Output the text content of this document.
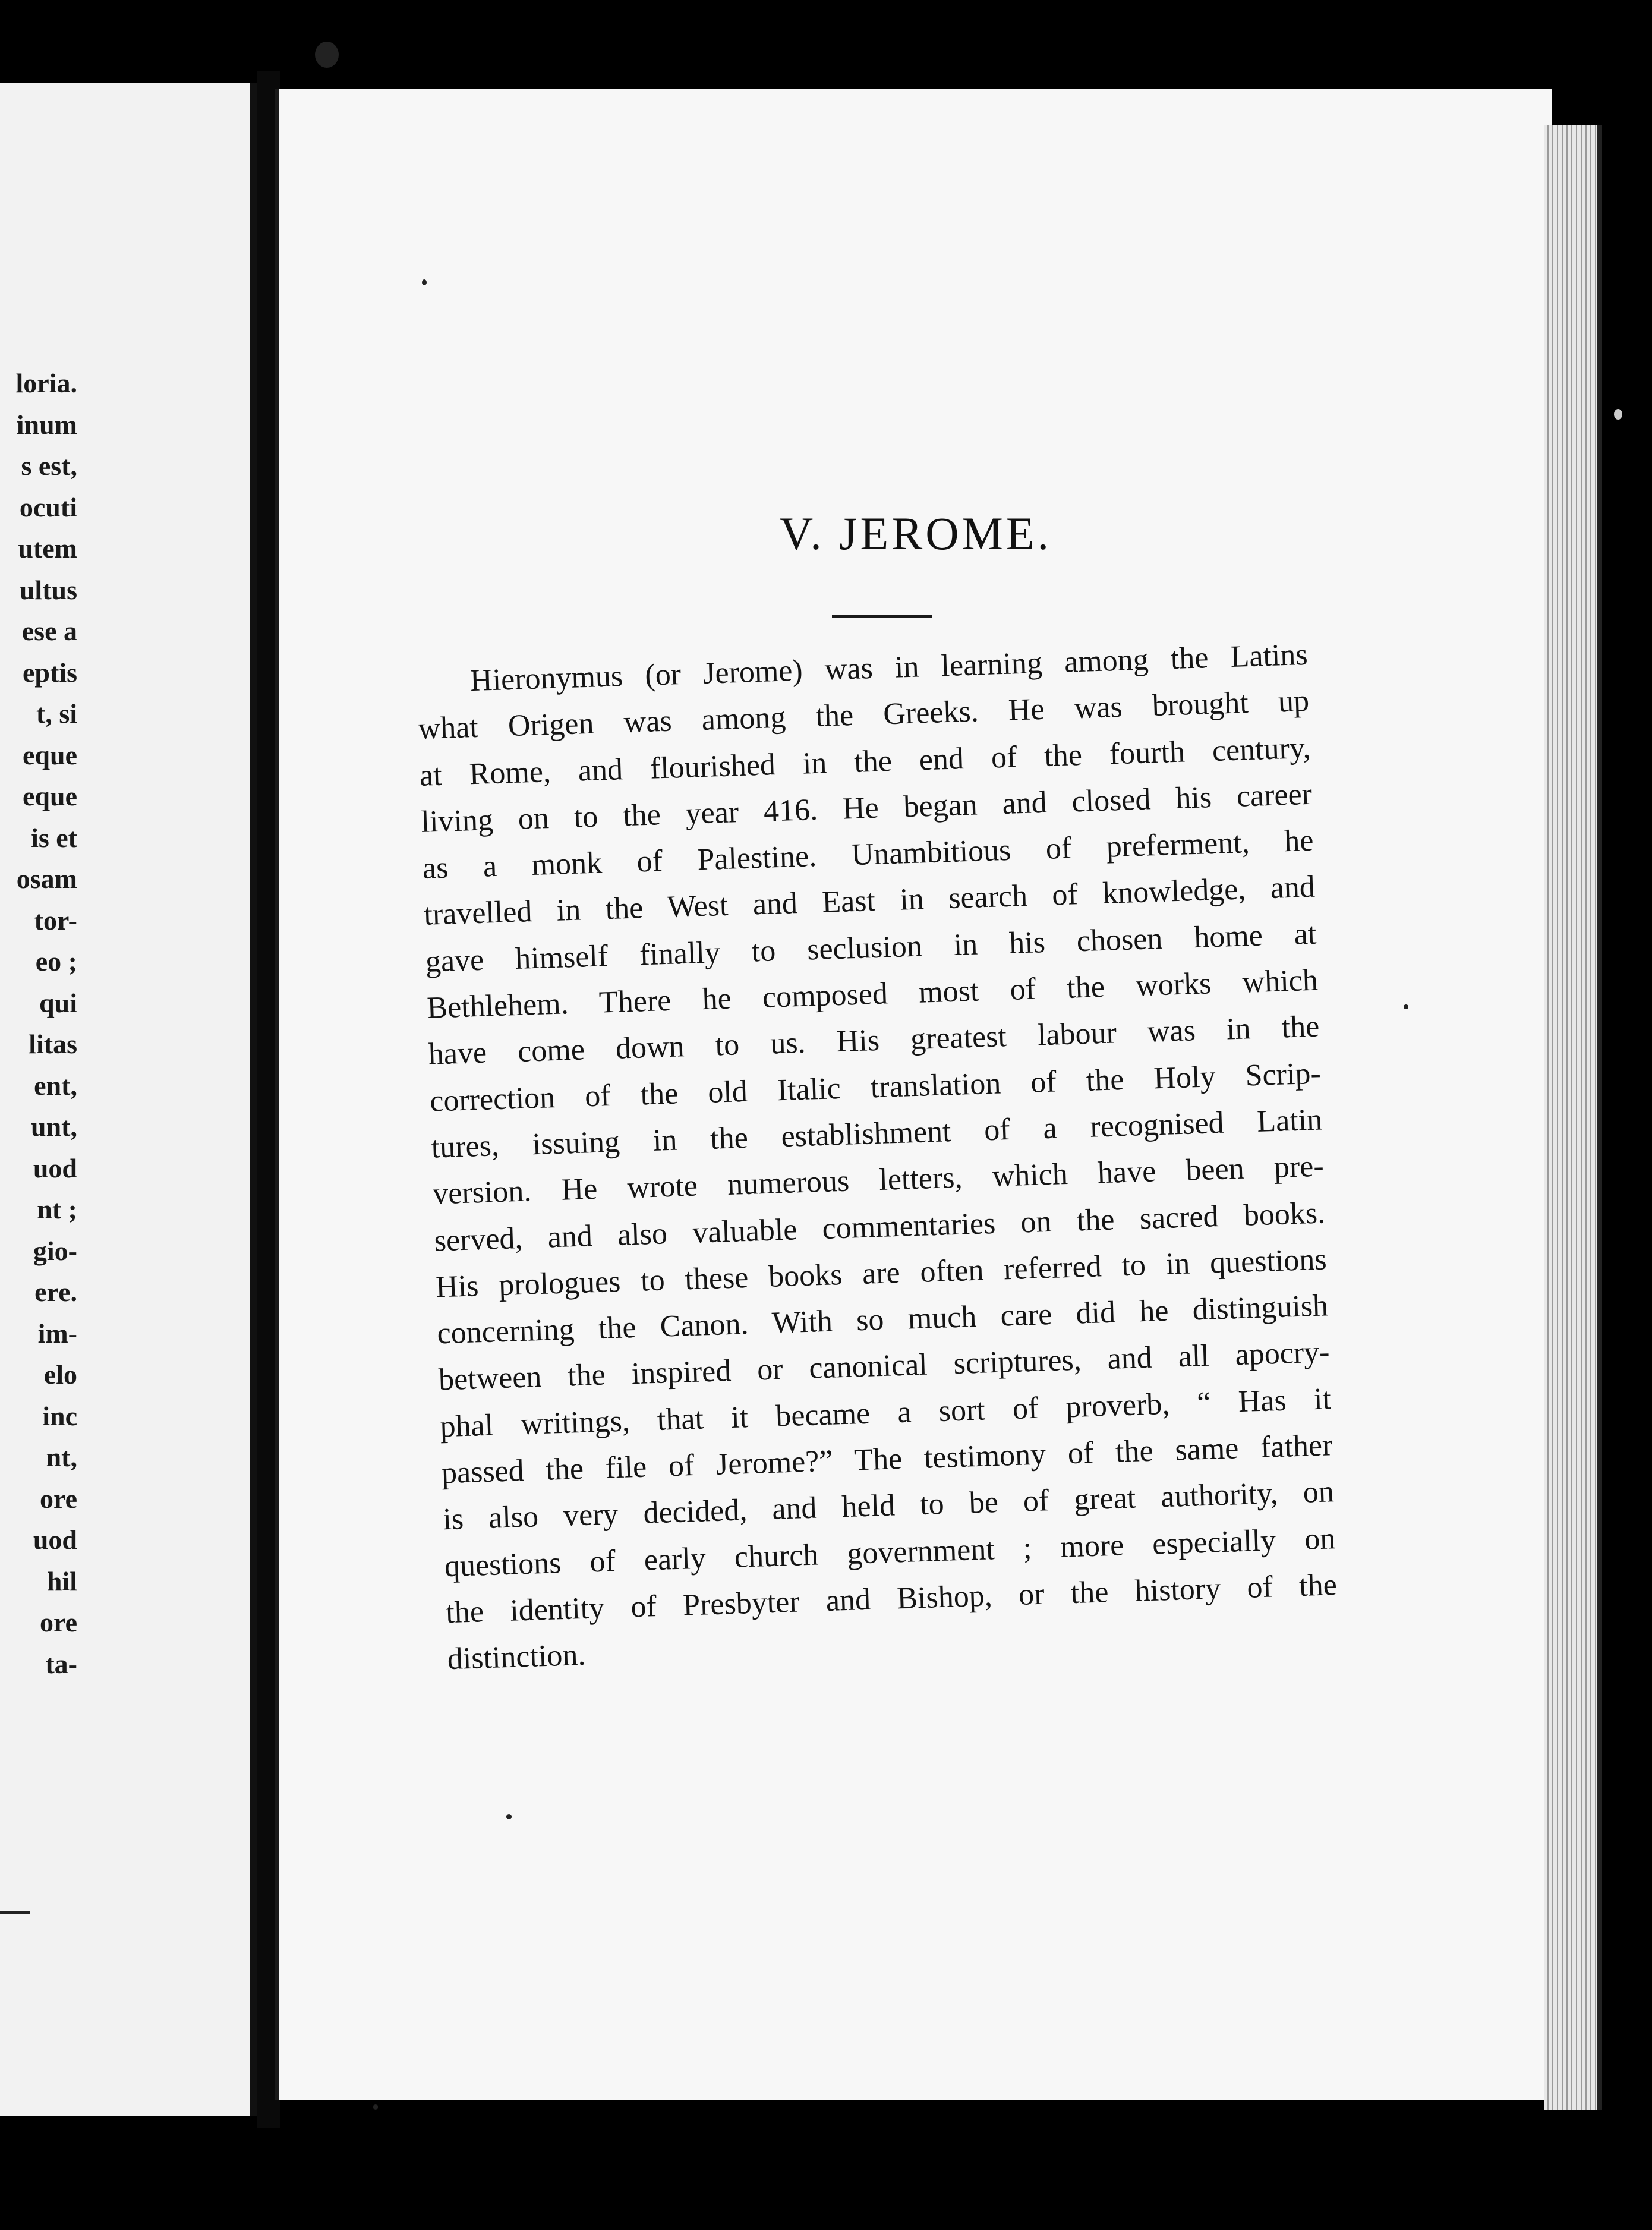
loria.
inum
s est,
ocuti
utem
ultus
ese a
eptis
t, si
eque
eque
is et
osam
tor-
eo ;
qui
litas
ent,
unt,
uod
nt ;
gio-
ere.
im-
elo
inc
nt,
ore
uod
hil
ore
ta-
V. JEROME.
Hieronymus (or Jerome) was in learning among the Latins
what Origen was among the Greeks. He was brought up
at Rome, and flourished in the end of the fourth century,
living on to the year 416. He began and closed his career
as a monk of Palestine. Unambitious of preferment, he
travelled in the West and East in search of knowledge, and
gave himself finally to seclusion in his chosen home at
Bethlehem. There he composed most of the works which
have come down to us. His greatest labour was in the
correction of the old Italic translation of the Holy Scrip-
tures, issuing in the establishment of a recognised Latin
version. He wrote numerous letters, which have been pre-
served, and also valuable commentaries on the sacred books.
His prologues to these books are often referred to in questions
concerning the Canon. With so much care did he distinguish
between the inspired or canonical scriptures, and all apocry-
phal writings, that it became a sort of proverb, “ Has it
passed the file of Jerome?” The testimony of the same father
is also very decided, and held to be of great authority, on
questions of early church government ; more especially on
the identity of Presbyter and Bishop, or the history of the
distinction.
